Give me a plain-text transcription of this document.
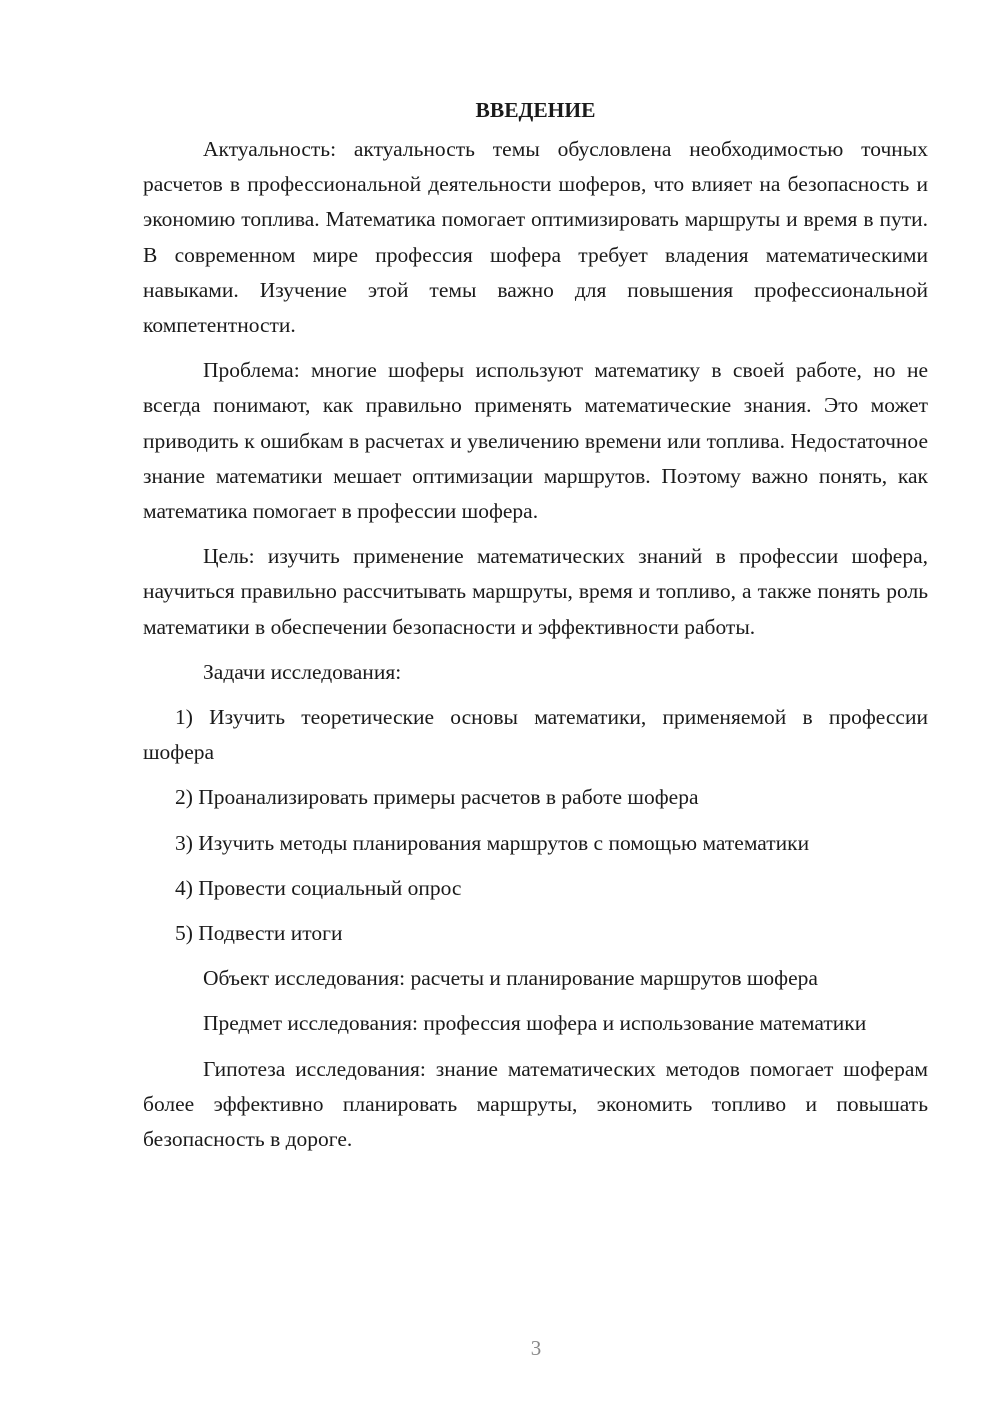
ВВЕДЕНИЕ

Актуальность: актуальность темы обусловлена необходимостью точных расчетов в профессиональной деятельности шоферов, что влияет на безопасность и экономию топлива. Математика помогает оптимизировать маршруты и время в пути. В современном мире профессия шофера требует владения математическими навыками. Изучение этой темы важно для повышения профессиональной компетентности.

Проблема: многие шоферы используют математику в своей работе, но не всегда понимают, как правильно применять математические знания. Это может приводить к ошибкам в расчетах и увеличению времени или топлива. Недостаточное знание математики мешает оптимизации маршрутов. Поэтому важно понять, как математика помогает в профессии шофера.

Цель: изучить применение математических знаний в профессии шофера, научиться правильно рассчитывать маршруты, время и топливо, а также понять роль математики в обеспечении безопасности и эффективности работы.

Задачи исследования:

1) Изучить теоретические основы математики, применяемой в профессии шофера

2) Проанализировать примеры расчетов в работе шофера

3) Изучить методы планирования маршрутов с помощью математики

4) Провести социальный опрос

5) Подвести итоги

Объект исследования: расчеты и планирование маршрутов шофера

Предмет исследования: профессия шофера и использование математики

Гипотеза исследования: знание математических методов помогает шоферам более эффективно планировать маршруты, экономить топливо и повышать безопасность в дороге.

3
